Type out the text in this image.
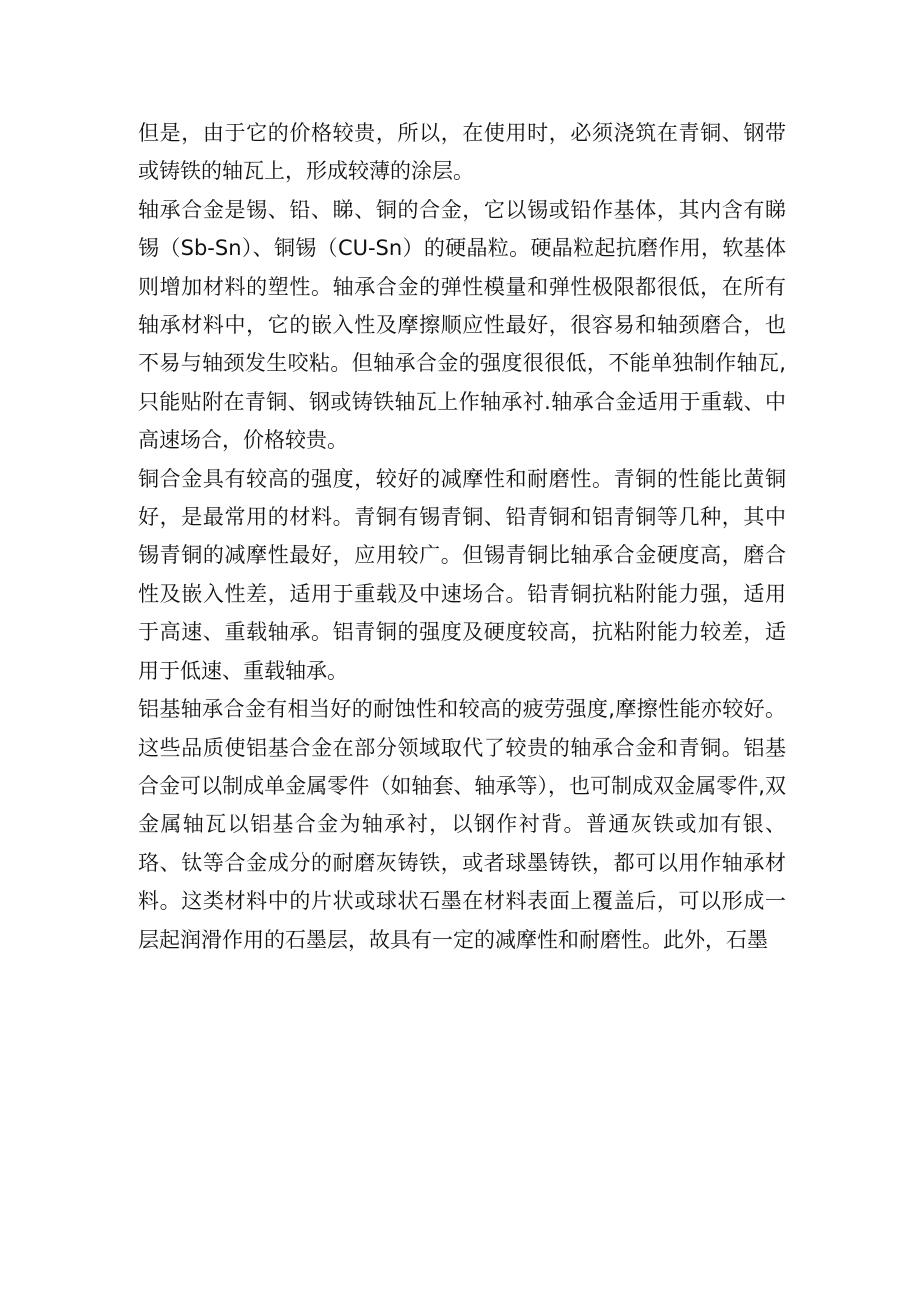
但是，由于它的价格较贵，所以，在使用时，必须浇筑在青铜、钢带或铸铁的轴瓦上，形成较薄的涂层。

轴承合金是锡、铅、睇、铜的合金，它以锡或铅作基体，其内含有睇锡（Sb-Sn）、铜锡（CU-Sn）的硬晶粒。硬晶粒起抗磨作用，软基体则增加材料的塑性。轴承合金的弹性模量和弹性极限都很低，在所有轴承材料中，它的嵌入性及摩擦顺应性最好，很容易和轴颈磨合，也不易与轴颈发生咬粘。但轴承合金的强度很很低，不能单独制作轴瓦,只能贴附在青铜、钢或铸铁轴瓦上作轴承衬.轴承合金适用于重载、中高速场合，价格较贵。

铜合金具有较高的强度，较好的减摩性和耐磨性。青铜的性能比黄铜好，是最常用的材料。青铜有锡青铜、铅青铜和铝青铜等几种，其中锡青铜的减摩性最好，应用较广。但锡青铜比轴承合金硬度高，磨合性及嵌入性差，适用于重载及中速场合。铅青铜抗粘附能力强，适用于高速、重载轴承。铝青铜的强度及硬度较高，抗粘附能力较差，适用于低速、重载轴承。

铝基轴承合金有相当好的耐蚀性和较高的疲劳强度,摩擦性能亦较好。这些品质使铝基合金在部分领域取代了较贵的轴承合金和青铜。铝基合金可以制成单金属零件（如轴套、轴承等），也可制成双金属零件,双金属轴瓦以铝基合金为轴承衬，以钢作衬背。普通灰铁或加有银、珞、钛等合金成分的耐磨灰铸铁，或者球墨铸铁，都可以用作轴承材料。这类材料中的片状或球状石墨在材料表面上覆盖后，可以形成一层起润滑作用的石墨层，故具有一定的减摩性和耐磨性。此外，石墨
